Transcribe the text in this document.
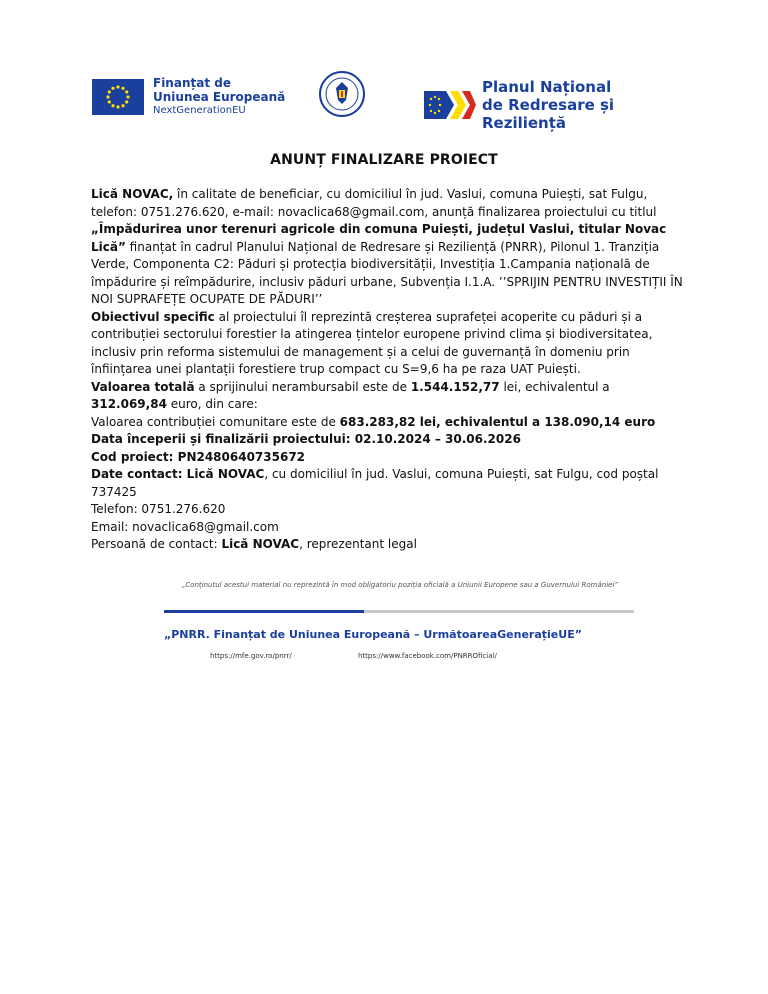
Finanțat de
Uniunea Europeană
NextGenerationEU
Planul Național
de Redresare și Reziliență
ANUNȚ FINALIZARE PROIECT

Lică NOVAC, în calitate de beneficiar, cu domiciliul în jud. Vaslui, comuna Puiești, sat Fulgu, telefon: 0751.276.620, e-mail: novaclica68@gmail.com, anunță finalizarea proiectului cu titlul „Împădurirea unor terenuri agricole din comuna Puiești, județul Vaslui, titular Novac Lică” finanțat în cadrul Planului Național de Redresare și Reziliență (PNRR), Pilonul 1. Tranziția Verde, Componenta C2: Păduri și protecția biodiversității, Investiția 1.Campania națională de împădurire și reîmpădurire, inclusiv păduri urbane, Subvenția I.1.A. ’’SPRIJIN PENTRU INVESTIȚII ÎN NOI SUPRAFEȚE OCUPATE DE PĂDURI’’

Obiectivul specific al proiectului îl reprezintă creșterea suprafeței acoperite cu păduri și a contribuției sectorului forestier la atingerea țintelor europene privind clima și biodiversitatea, inclusiv prin reforma sistemului de management și a celui de guvernanță în domeniu prin înființarea unei plantații forestiere trup compact cu S=9,6 ha pe raza UAT Puiești.

Valoarea totală a sprijinului nerambursabil este de 1.544.152,77 lei, echivalentul a 312.069,84 euro, din care:

Valoarea contribuției comunitare este de 683.283,82 lei, echivalentul a 138.090,14 euro

Data începerii și finalizării proiectului: 02.10.2024 – 30.06.2026

Cod proiect: PN2480640735672

Date contact: Lică NOVAC, cu domiciliul în jud. Vaslui, comuna Puiești, sat Fulgu, cod poștal 737425

Telefon: 0751.276.620

Email: novaclica68@gmail.com

Persoană de contact: Lică NOVAC, reprezentant legal

„Conținutul acestui material nu reprezintă în mod obligatoriu poziția oficială a Uniunii Europene sau a Guvernului României”
„PNRR. Finanțat de Uniunea Europeană – UrmătoareaGenerațieUE”
https://mfe.gov.ro/pnrr/	https://www.facebook.com/PNRROficial/
